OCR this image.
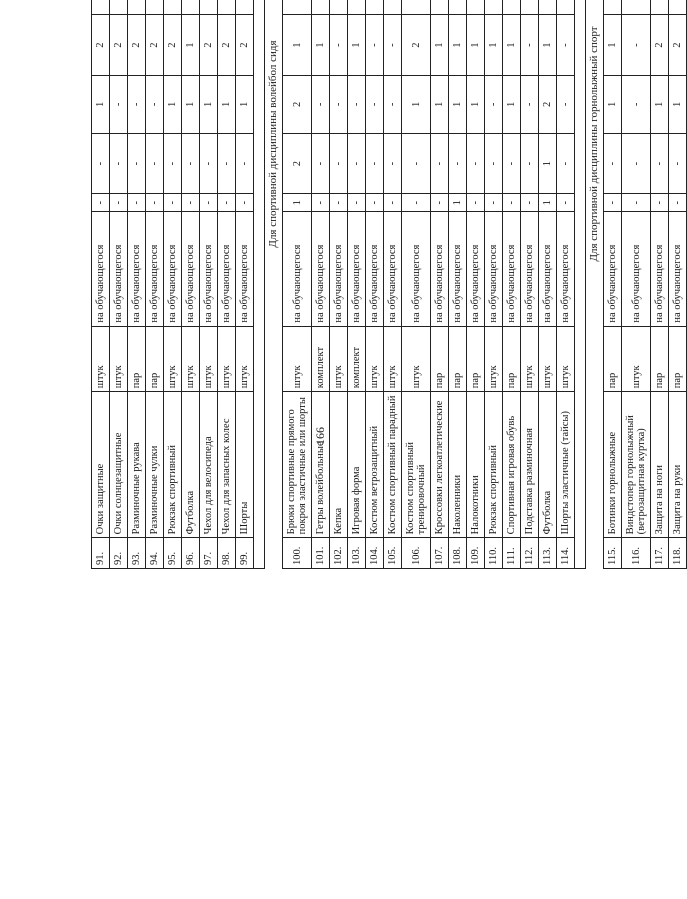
166
91.	Очки защитные	штук	на обучающегося	-	-	1	2					
92.	Очки солнцезащитные	штук	на обучающегося	-	-	-	2					
93.	Разминочные рукава	пар	на обучающегося	-	-	-	2					
94.	Разминочные чулки	пар	на обучающегося	-	-	-	2					
95.	Рюкзак спортивный	штук	на обучающегося	-	-	1	2					
96.	Футболка	штук	на обучающегося	-	-	1	1					
97.	Чехол для велосипеда	штук	на обучающегося	-	-	1	2					
98.	Чехол для запасных колес	штук	на обучающегося	-	-	1	2					
99.	Шорты	штук	на обучающегося	-	-	1	2					

Для спортивной дисциплины волейбол сидя												
100.	Брюки спортивные прямого покроя эластичные или шорты	штук	на обучающегося	1	2	2	1					
101.	Гетры волейбольные	комплект	на обучающегося	-	-	-	1					
102.	Кепка	штук	на обучающегося	-	-	-	-					
103.	Игровая форма	комплект	на обучающегося	-	-	-	1					
104.	Костюм ветрозащитный	штук	на обучающегося	-	-	-	-					
105.	Костюм спортивный парадный	штук	на обучающегося	-	-	-	-					
106.	Костюм спортивный тренировочный	штук	на обучающегося	-	-	1	2					
107.	Кроссовки легкоатлетические	пар	на обучающегося	-	-	1	1					
108.	Наколенники	пар	на обучающегося	1	-	1	1					
109.	Налокотники	пар	на обучающегося	-	-	1	1					
110.	Рюкзак спортивный	штук	на обучающегося	-	-	-	1					
111.	Спортивная игровая обувь	пар	на обучающегося	-	-	1	1					
112.	Подставка разминочная	штук	на обучающегося	-	-	-	-					
113.	Футболка	штук	на обучающегося	1	1	2	1					
114.	Шорты эластичные (тайсы)	штук	на обучающегося	-	-	-	-					

Для спортивной дисциплины горнолыжный спорт												
115.	Ботинки горнолыжные	пар	на обучающегося	-	-	1	1					
116.	Виндстопер горнолыжный (ветрозащитная куртка)	штук	на обучающегося	-	-	-	-					
117.	Защита на ноги	пар	на обучающегося	-	-	1	2					
118.	Защита на руки	пар	на обучающегося	-	-	1	2					
